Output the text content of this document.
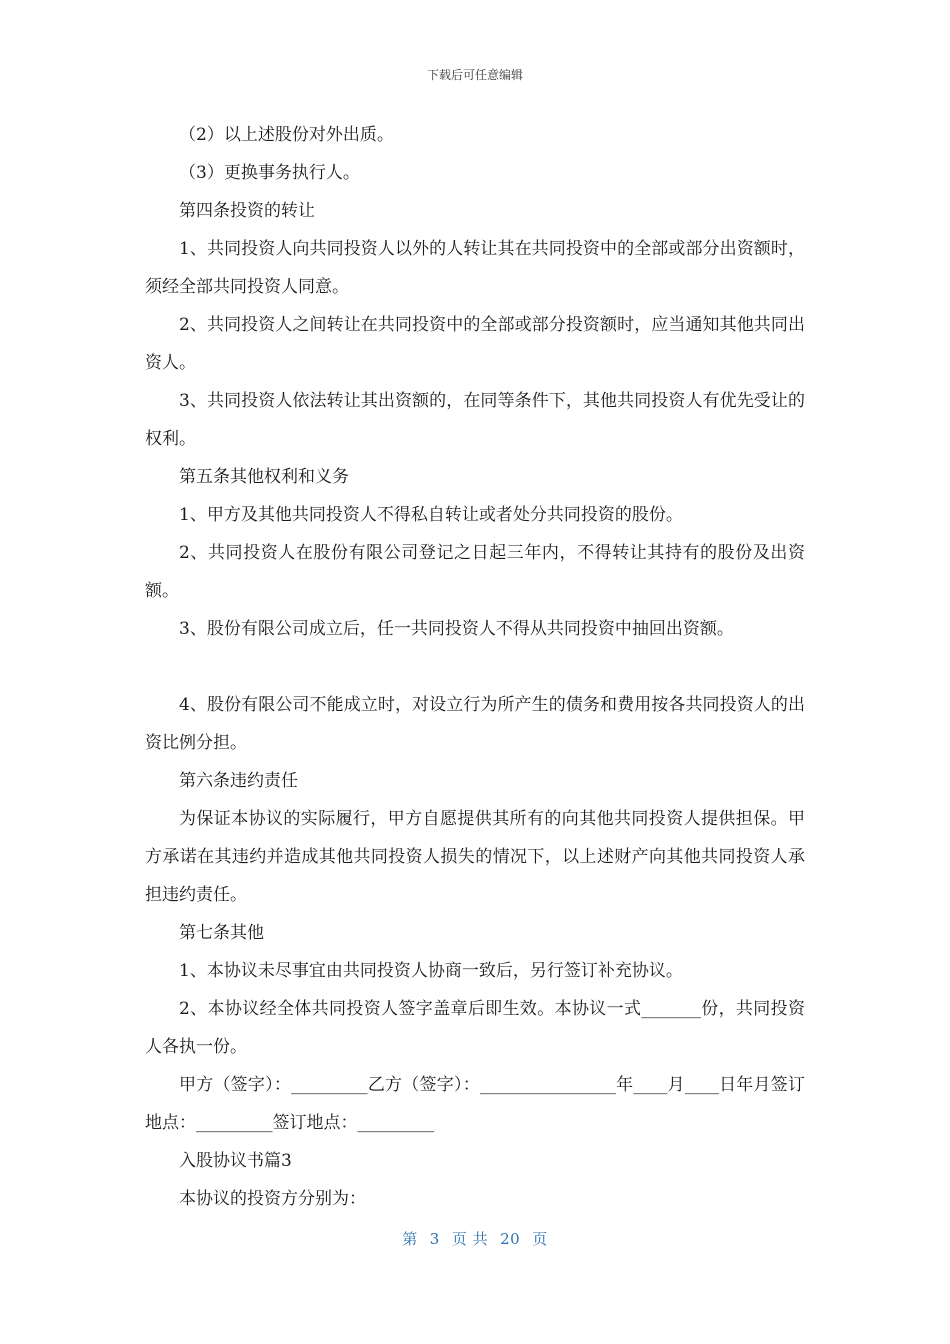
下载后可任意编辑

（2）以上述股份对外出质。

（3）更换事务执行人。

第四条投资的转让

1、共同投资人向共同投资人以外的人转让其在共同投资中的全部或部分出资额时，须经全部共同投资人同意。

2、共同投资人之间转让在共同投资中的全部或部分投资额时，应当通知其他共同出资人。

3、共同投资人依法转让其出资额的，在同等条件下，其他共同投资人有优先受让的权利。

第五条其他权利和义务

1、甲方及其他共同投资人不得私自转让或者处分共同投资的股份。

2、共同投资人在股份有限公司登记之日起三年内，不得转让其持有的股份及出资额。

3、股份有限公司成立后，任一共同投资人不得从共同投资中抽回出资额。

4、股份有限公司不能成立时，对设立行为所产生的债务和费用按各共同投资人的出资比例分担。

第六条违约责任

为保证本协议的实际履行，甲方自愿提供其所有的向其他共同投资人提供担保。甲方承诺在其违约并造成其他共同投资人损失的情况下，以上述财产向其他共同投资人承担违约责任。

第七条其他

1、本协议未尽事宜由共同投资人协商一致后，另行签订补充协议。

2、本协议经全体共同投资人签字盖章后即生效。本协议一式_______份，共同投资人各执一份。

甲方（签字）：_________乙方（签字）：________________年____月____日年月签订地点：_________签订地点：_________

入股协议书篇3

本协议的投资方分别为：

第 3 页 共 20 页
